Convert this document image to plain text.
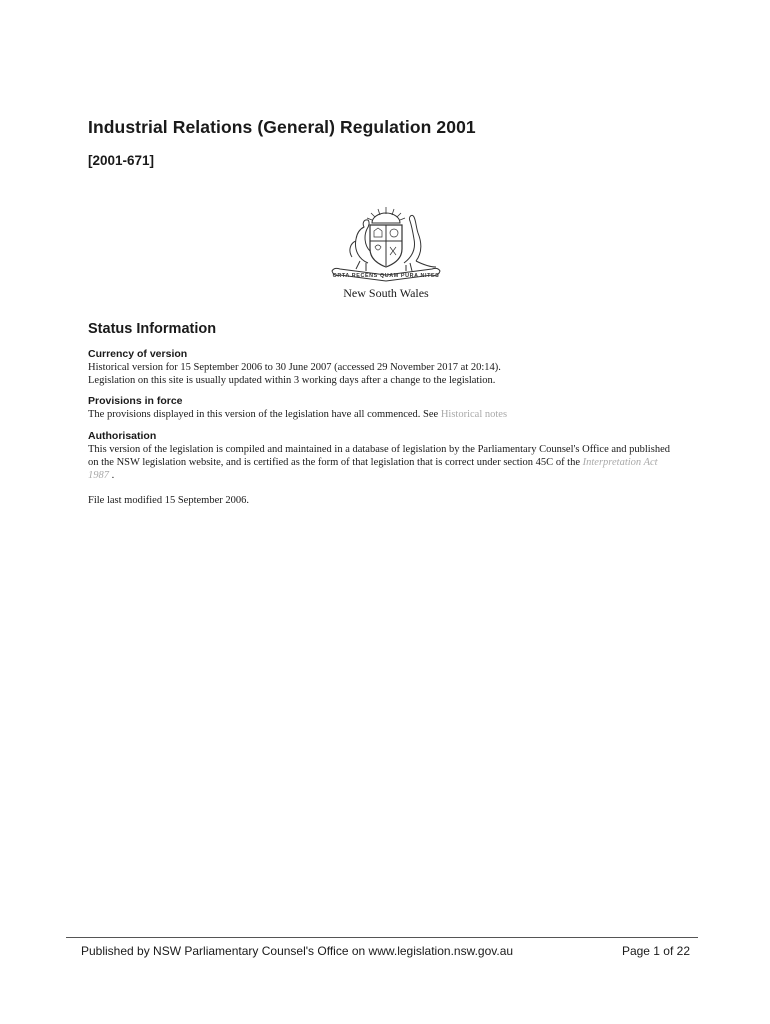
Industrial Relations (General) Regulation 2001
[2001-671]
ORTA RECENS QUAM PURA NITES
New South Wales
Status Information

Currency of version

Historical version for 15 September 2006 to 30 June 2007 (accessed 29 November 2017 at 20:14).

Legislation on this site is usually updated within 3 working days after a change to the legislation.

Provisions in force

The provisions displayed in this version of the legislation have all commenced. See Historical notes

Authorisation

This version of the legislation is compiled and maintained in a database of legislation by the Parliamentary Counsel's Office and published on the NSW legislation website, and is certified as the form of that legislation that is correct under section 45C of the Interpretation Act 1987 .

File last modified 15 September 2006.

Published by NSW Parliamentary Counsel's Office on www.legislation.nsw.gov.au	Page 1 of 22
